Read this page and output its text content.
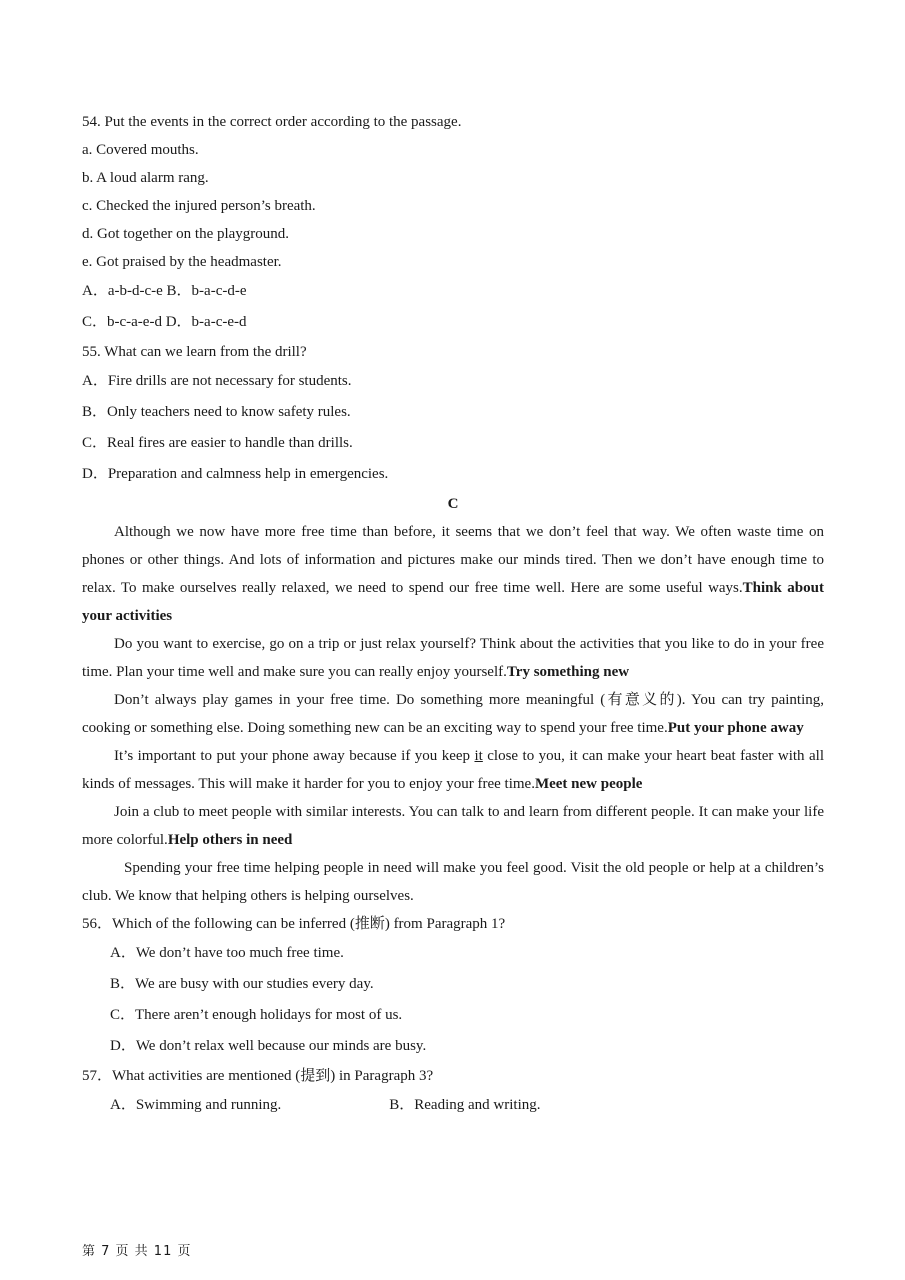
54. Put the events in the correct order according to the passage.
a. Covered mouths.
b. A loud alarm rang.
c. Checked the injured person’s breath.
d. Got together on the playground.
e. Got praised by the headmaster.
A．a-b-d-c-e B．b-a-c-d-e
C．b-c-a-e-d D．b-a-c-e-d
55. What can we learn from the drill?
A．Fire drills are not necessary for students.
B．Only teachers need to know safety rules.
C．Real fires are easier to handle than drills.
D．Preparation and calmness help in emergencies.
C
Although we now have more free time than before, it seems that we don’t feel that way. We often waste time on phones or other things. And lots of information and pictures make our minds tired. Then we don’t have enough time to relax. To make ourselves really relaxed, we need to spend our free time well. Here are some useful ways.Think about your activities
Do you want to exercise, go on a trip or just relax yourself? Think about the activities that you like to do in your free time. Plan your time well and make sure you can really enjoy yourself.Try something new
Don’t always play games in your free time. Do something more meaningful (有意义的). You can try painting, cooking or something else. Doing something new can be an exciting way to spend your free time.Put your phone away
It’s important to put your phone away because if you keep it close to you, it can make your heart beat faster with all kinds of messages. This will make it harder for you to enjoy your free time.Meet new people
Join a club to meet people with similar interests. You can talk to and learn from different people. It can make your life more colorful.Help others in need
Spending your free time helping people in need will make you feel good. Visit the old people or help at a children’s club. We know that helping others is helping ourselves.
56．Which of the following can be inferred (推断) from Paragraph 1?
A．We don’t have too much free time.
B．We are busy with our studies every day.
C．There aren’t enough holidays for most of us.
D．We don’t relax well because our minds are busy.
57．What activities are mentioned (提到) in Paragraph 3?
A．Swimming and running.	B．Reading and writing.
第 7 页 共 11 页
